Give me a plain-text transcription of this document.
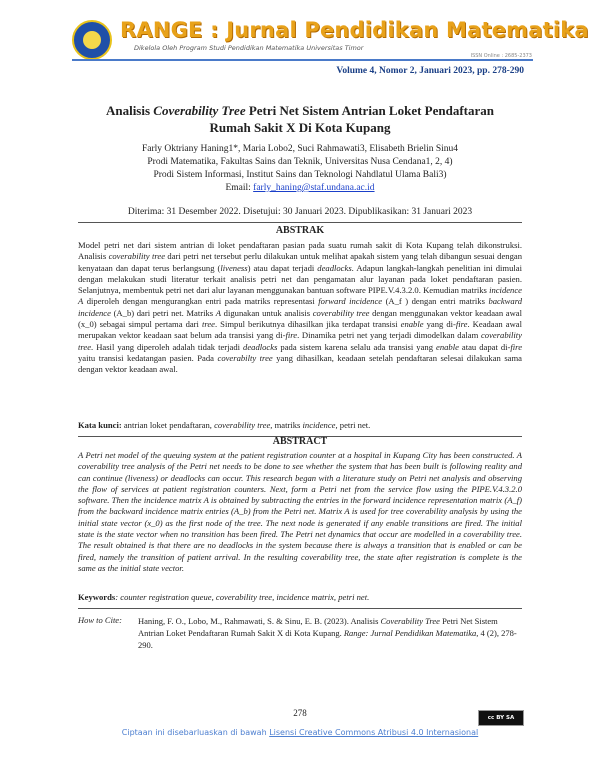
RANGE : Jurnal Pendidikan Matematika
Dikelola Oleh Program Studi Pendidikan Matematika Universitas Timor
ISSN Online : 2685-2373
Volume 4, Nomor 2, Januari 2023, pp. 278-290
Analisis Coverability Tree Petri Net Sistem Antrian Loket Pendaftaran
Rumah Sakit X Di Kota Kupang
Farly Oktriany Haning1*, Maria Lobo2, Suci Rahmawati3, Elisabeth Brielin Sinu4
Prodi Matematika, Fakultas Sains dan Teknik, Universitas Nusa Cendana1, 2, 4)
Prodi Sistem Informasi, Institut Sains dan Teknologi Nahdlatul Ulama Bali3)
Email: farly_haning@staf.undana.ac.id
Diterima: 31 Desember 2022. Disetujui: 30 Januari 2023. Dipublikasikan: 31 Januari 2023
ABSTRAK
Model petri net dari sistem antrian di loket pendaftaran pasian pada suatu rumah sakit di Kota Kupang telah dikonstruksi. Analisis coverability tree dari petri net tersebut perlu dilakukan untuk melihat apakah sistem yang telah dibangun sesuai dengan kenyataan dan dapat terus berlangsung (liveness) atau dapat terjadi deadlocks. Adapun langkah-langkah penelitian ini dimulai dengan melakukan studi literatur terkait analisis petri net dan pengamatan alur layanan pada loket pendaftaran pasien. Selanjutnya, membentuk petri net dari alur layanan menggunakan bantuan software PIPE.V.4.3.2.0. Kemudian matriks incidence A diperoleh dengan mengurangkan entri pada matriks representasi forward incidence (A_f ) dengan entri matriks backward incidence (A_b) dari petri net. Matriks A digunakan untuk analisis coverability tree dengan menggunakan vektor keadaan awal (x_0) sebagai simpul pertama dari tree. Simpul berikutnya dihasilkan jika terdapat transisi enable yang di-fire. Keadaan awal merupakan vektor keadaan saat belum ada transisi yang di-fire. Dinamika petri net yang terjadi dimodelkan dalam coverability tree. Hasil yang diperoleh adalah tidak terjadi deadlocks pada sistem karena selalu ada transisi yang enable atau dapat di-fire yaitu transisi kedatangan pasien. Pada coverabilty tree yang dihasilkan, keadaan setelah pendaftaran selesai dilakukan sama dengan vektor keadaan awal.
Kata kunci: antrian loket pendaftaran, coverability tree, matriks incidence, petri net.
ABSTRACT
A Petri net model of the queuing system at the patient registration counter at a hospital in Kupang City has been constructed. A coverability tree analysis of the Petri net needs to be done to see whether the system that has been built is following reality and can continue (liveness) or deadlocks can occur. This research began with a literature study on Petri net analysis and observing the flow of services at patient registration counters. Next, form a Petri net from the service flow using the PIPE.V.4.3.2.0 software. Then the incidence matrix A is obtained by subtracting the entries in the forward incidence representation matrix (A_f) from the backward incidence matrix entries (A_b) from the Petri net. Matrix A is used for tree coverability analysis by using the initial state vector (x_0) as the first node of the tree. The next node is generated if any enable transitions are fired. The initial state is the state vector when no transition has been fired. The Petri net dynamics that occur are modelled in a coverability tree. The result obtained is that there are no deadlocks in the system because there is always a transition that is enabled or can be fired, namely the transition of patient arrival. In the resulting coverability tree, the state after registration is complete is the same as the initial state vector.
Keywords: counter registration queue, coverability tree, incidence matrix, petri net.
How to Cite: Haning, F. O., Lobo, M., Rahmawati, S. & Sinu, E. B. (2023). Analisis Coverability Tree Petri Net Sistem Antrian Loket Pendaftaran Rumah Sakit X di Kota Kupang. Range: Jurnal Pendidikan Matematika, 4 (2), 278-290.
278	cc BY SA
Ciptaan ini disebarluaskan di bawah Lisensi Creative Commons Atribusi 4.0 Internasional
